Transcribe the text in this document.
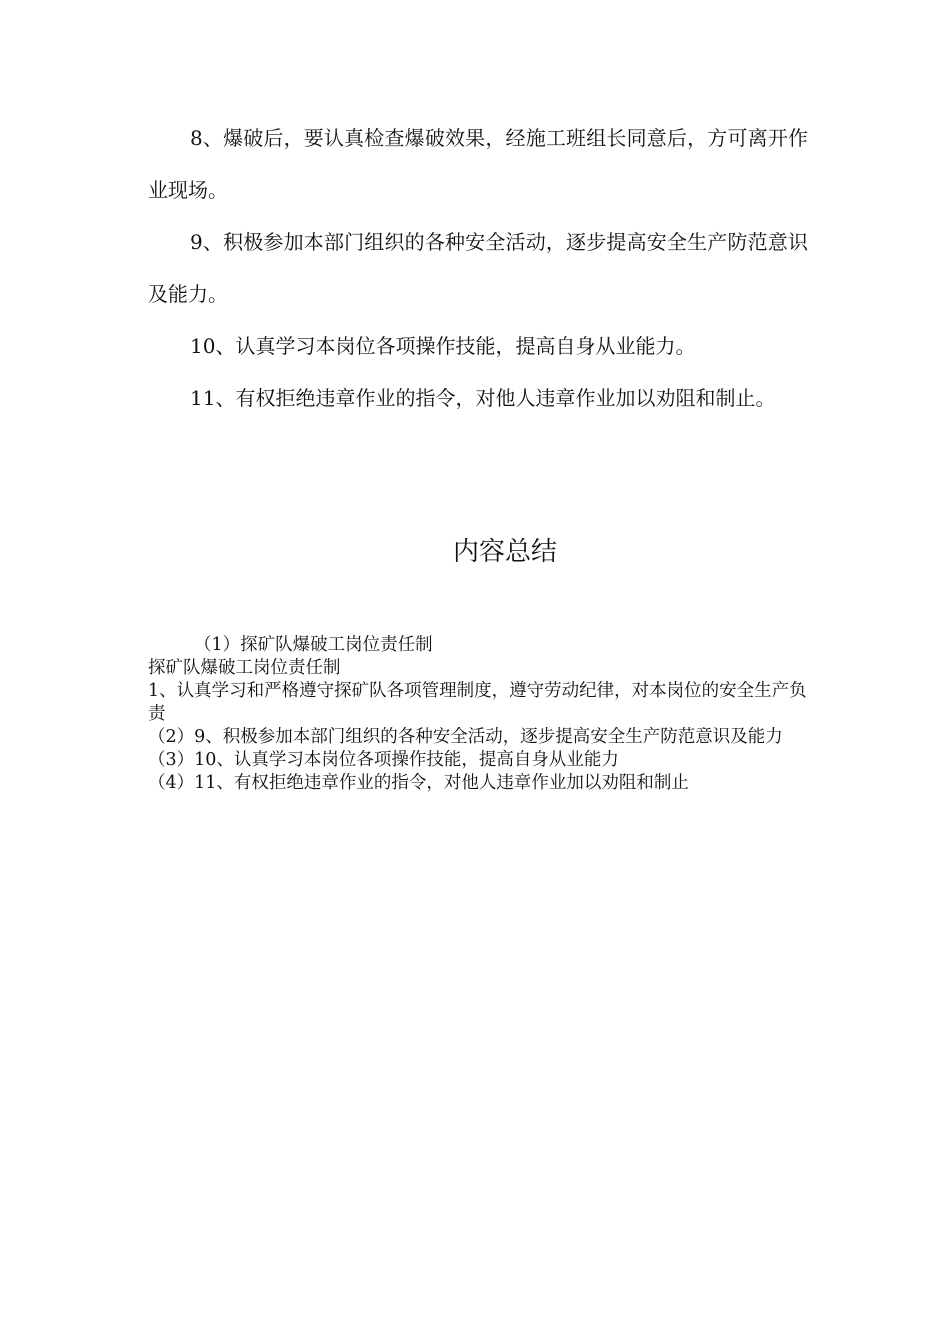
8、爆破后，要认真检查爆破效果，经施工班组长同意后，方可离开作业现场。

9、积极参加本部门组织的各种安全活动，逐步提高安全生产防范意识及能力。

10、认真学习本岗位各项操作技能，提高自身从业能力。

11、有权拒绝违章作业的指令，对他人违章作业加以劝阻和制止。

内容总结

（1）探矿队爆破工岗位责任制

探矿队爆破工岗位责任制

1、认真学习和严格遵守探矿队各项管理制度，遵守劳动纪律，对本岗位的安全生产负责

（2）9、积极参加本部门组织的各种安全活动，逐步提高安全生产防范意识及能力

（3）10、认真学习本岗位各项操作技能，提高自身从业能力

（4）11、有权拒绝违章作业的指令，对他人违章作业加以劝阻和制止
